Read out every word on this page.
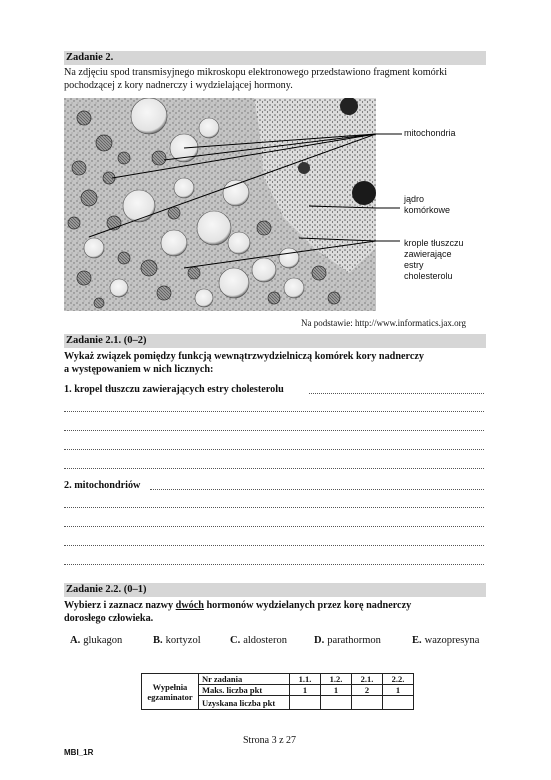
Zadanie 2.
Na zdjęciu spod transmisyjnego mikroskopu elektronowego przedstawiono fragment komórki
pochodzącej z kory nadnerczy i wydzielającej hormony.
mitochondria
jądro
komórkowe
krople tłuszczu
zawierające
estry
cholesterolu
Na podstawie: http://www.informatics.jax.org
Zadanie 2.1. (0–2)
Wykaż związek pomiędzy funkcją wewnątrzwydzielniczą komórek kory nadnerczy
a występowaniem w nich licznych:
1. kropel tłuszczu zawierających estry cholesterolu
2. mitochondriów
Zadanie 2.2. (0–1)
Wybierz i zaznacz nazwy dwóch hormonów wydzielanych przez korę nadnerczy
dorosłego człowieka.
A. glukagon	B. kortyzol	C. aldosteron	D. parathormon	E. wazopresyna
Wypełnia
egzaminator	Nr zadania	1.1.	1.2.	2.1.	2.2.
	Maks. liczba pkt	1	1	2	1
	Uzyskana liczba pkt				
Strona 3 z 27
MBI_1R
